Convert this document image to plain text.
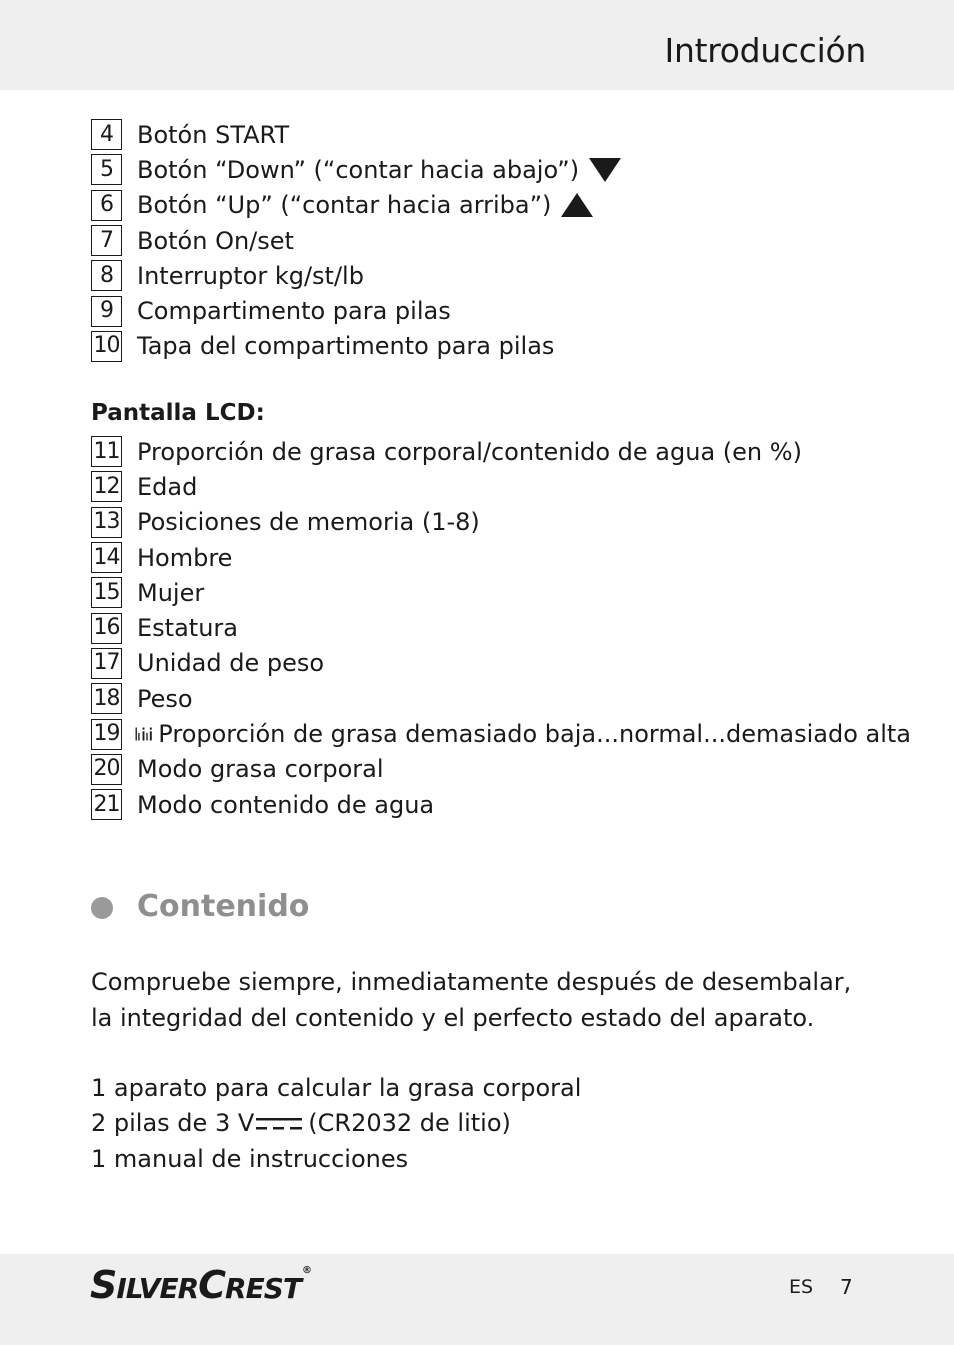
Introducción
4	Botón START
5	Botón “Down” (“contar hacia abajo”)
6	Botón “Up” (“contar hacia arriba”)
7	Botón On/set
8	Interruptor kg/st/lb
9	Compartimento para pilas
10 Tapa del compartimento para pilas
Pantalla LCD:
11 Proporción de grasa corporal/contenido de agua (en %)
12 Edad
13 Posiciones de memoria (1-8)
14 Hombre
15 Mujer
16 Estatura
17 Unidad de peso
18 Peso
19 Proporción de grasa demasiado baja...normal...demasiado alta
20 Modo grasa corporal
21 Modo contenido de agua
Contenido
Compruebe siempre, inmediatamente después de desembalar, la integridad del contenido y el perfecto estado del aparato.
1 aparato para calcular la grasa corporal
2 pilas de 3 V (CR2032 de litio)
1 manual de instrucciones
SILVERCREST®
ES 7
